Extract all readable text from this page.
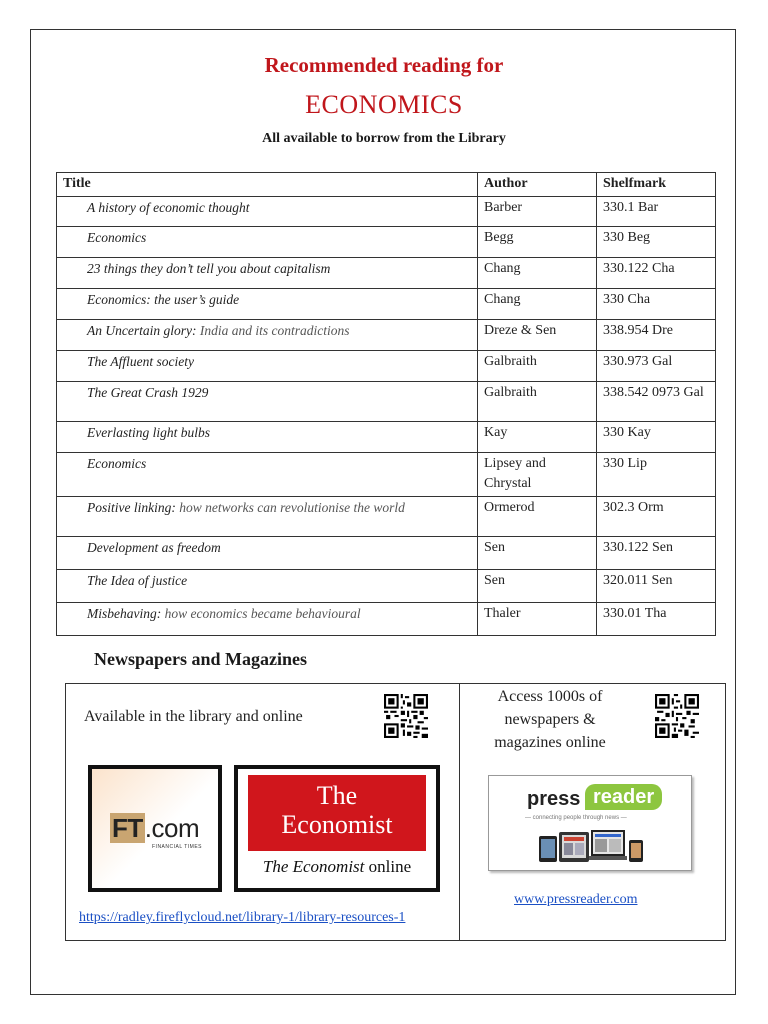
Recommended reading for
ECONOMICS
All available to borrow from the Library
Title	Author	Shelfmark
A history of economic thought	Barber	330.1 Bar
Economics	Begg	330 Beg
23 things they don’t tell you about capitalism	Chang	330.122 Cha
Economics: the user’s guide	Chang	330 Cha
An Uncertain glory: India and its contradictions	Dreze & Sen	338.954 Dre
The Affluent society	Galbraith	330.973 Gal
The Great Crash 1929	Galbraith	338.542 0973 Gal
Everlasting light bulbs	Kay	330 Kay
Economics	Lipsey and Chrystal	330 Lip
Positive linking: how networks can revolutionise the world	Ormerod	302.3 Orm
Development as freedom	Sen	330.122 Sen
The Idea of justice	Sen	320.011 Sen
Misbehaving: how economics became behavioural	Thaler	330.01 Tha
Newspapers and Magazines
Available in the library and online
Access 1000s of newspapers & magazines online
FT.com
FINANCIAL TIMES
The
Economist
The Economist online
press reader
— connecting people through news —
https://radley.fireflycloud.net/library-1/library-resources-1
www.pressreader.com
